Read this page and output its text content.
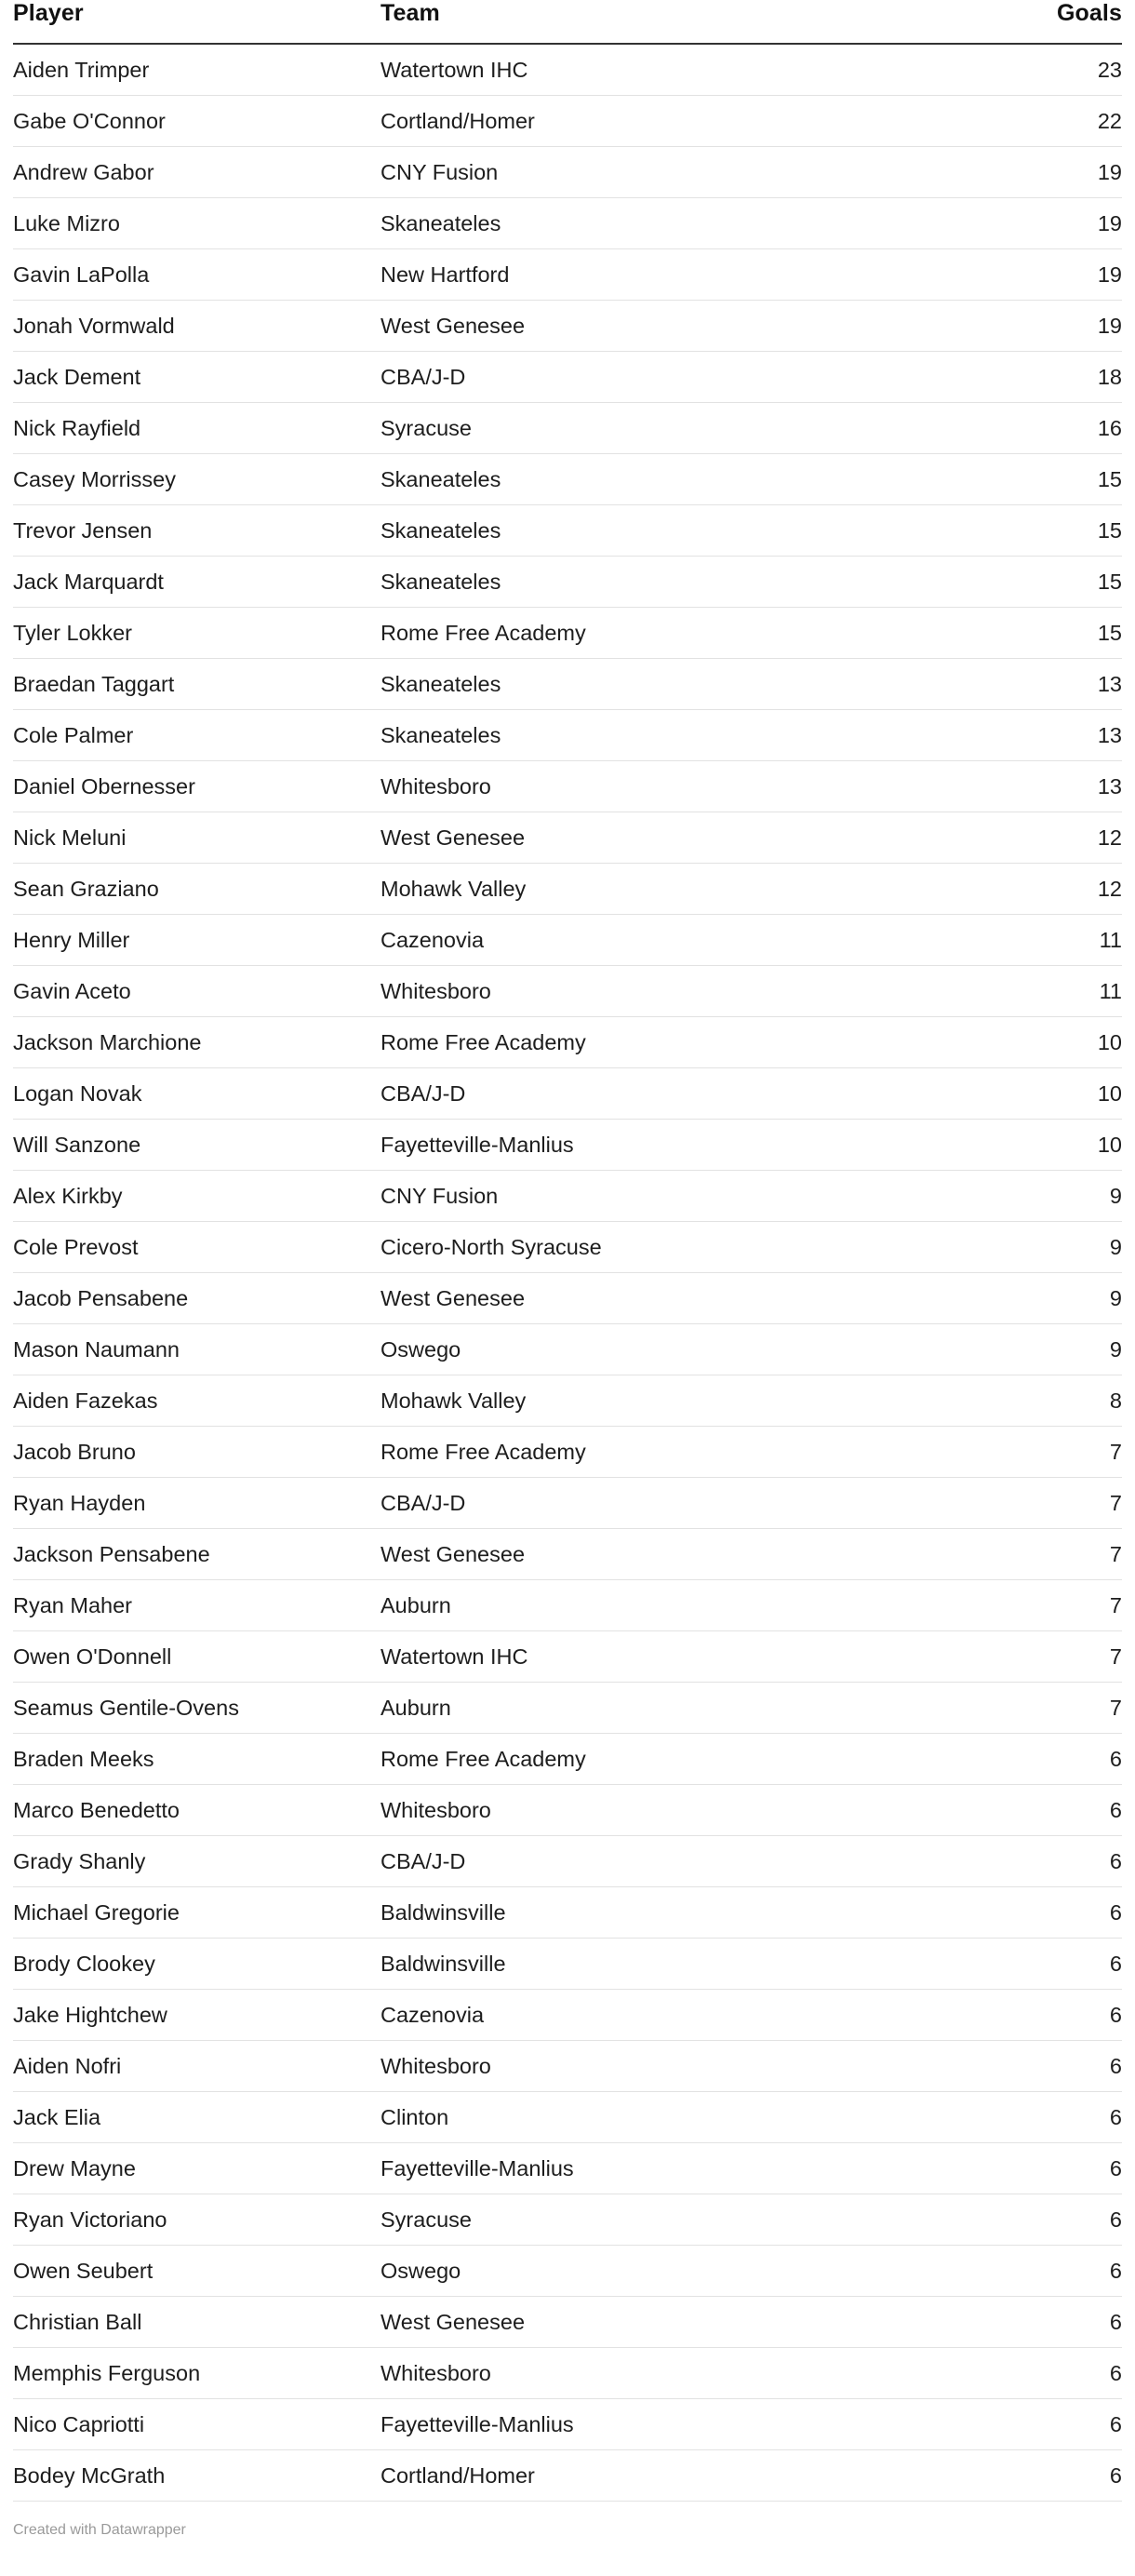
Player	Team	Goals
Aiden Trimper	Watertown IHC	23
Gabe O'Connor	Cortland/Homer	22
Andrew Gabor	CNY Fusion	19
Luke Mizro	Skaneateles	19
Gavin LaPolla	New Hartford	19
Jonah Vormwald	West Genesee	19
Jack Dement	CBA/J-D	18
Nick Rayfield	Syracuse	16
Casey Morrissey	Skaneateles	15
Trevor Jensen	Skaneateles	15
Jack Marquardt	Skaneateles	15
Tyler Lokker	Rome Free Academy	15
Braedan Taggart	Skaneateles	13
Cole Palmer	Skaneateles	13
Daniel Obernesser	Whitesboro	13
Nick Meluni	West Genesee	12
Sean Graziano	Mohawk Valley	12
Henry Miller	Cazenovia	11
Gavin Aceto	Whitesboro	11
Jackson Marchione	Rome Free Academy	10
Logan Novak	CBA/J-D	10
Will Sanzone	Fayetteville-Manlius	10
Alex Kirkby	CNY Fusion	9
Cole Prevost	Cicero-North Syracuse	9
Jacob Pensabene	West Genesee	9
Mason Naumann	Oswego	9
Aiden Fazekas	Mohawk Valley	8
Jacob Bruno	Rome Free Academy	7
Ryan Hayden	CBA/J-D	7
Jackson Pensabene	West Genesee	7
Ryan Maher	Auburn	7
Owen O'Donnell	Watertown IHC	7
Seamus Gentile-Ovens	Auburn	7
Braden Meeks	Rome Free Academy	6
Marco Benedetto	Whitesboro	6
Grady Shanly	CBA/J-D	6
Michael Gregorie	Baldwinsville	6
Brody Clookey	Baldwinsville	6
Jake Hightchew	Cazenovia	6
Aiden Nofri	Whitesboro	6
Jack Elia	Clinton	6
Drew Mayne	Fayetteville-Manlius	6
Ryan Victoriano	Syracuse	6
Owen Seubert	Oswego	6
Christian Ball	West Genesee	6
Memphis Ferguson	Whitesboro	6
Nico Capriotti	Fayetteville-Manlius	6
Bodey McGrath	Cortland/Homer	6
Created with Datawrapper
